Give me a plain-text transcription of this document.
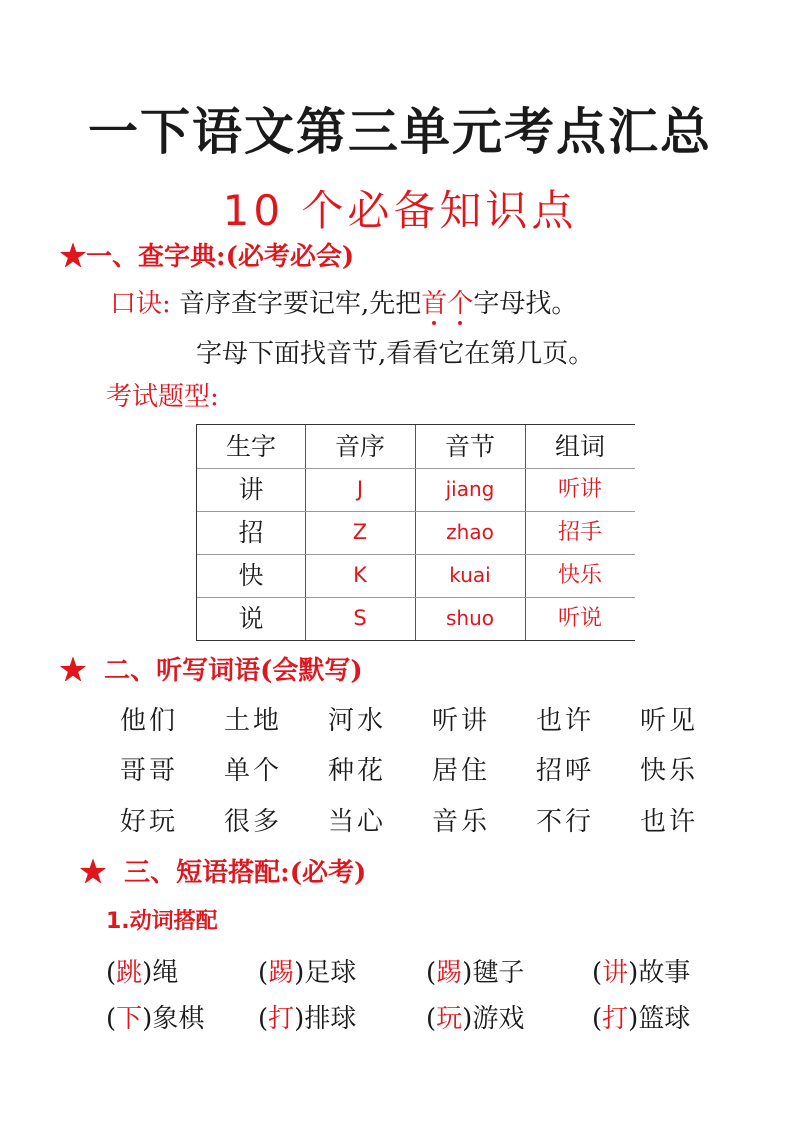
一下语文第三单元考点汇总
10 个必备知识点
★一、查字典:(必考必会)
口诀: 音序查字要记牢,先把首个字母找。
字母下面找音节,看看它在第几页。
考试题型:
生字	音序	音节	组词
讲	J	jiang	听讲
招	Z	zhao	招手
快	K	kuai	快乐
说	S	shuo	听说
★ 二、听写词语(会默写)
他们 土地 河水 听讲 也许 听见
哥哥 单个 种花 居住 招呼 快乐
好玩 很多 当心 音乐 不行 也许
★ 三、短语搭配:(必考)
1.动词搭配
(跳)绳	(踢)足球	(踢)毽子	(讲)故事
(下)象棋 (打)排球	(玩)游戏	(打)篮球
